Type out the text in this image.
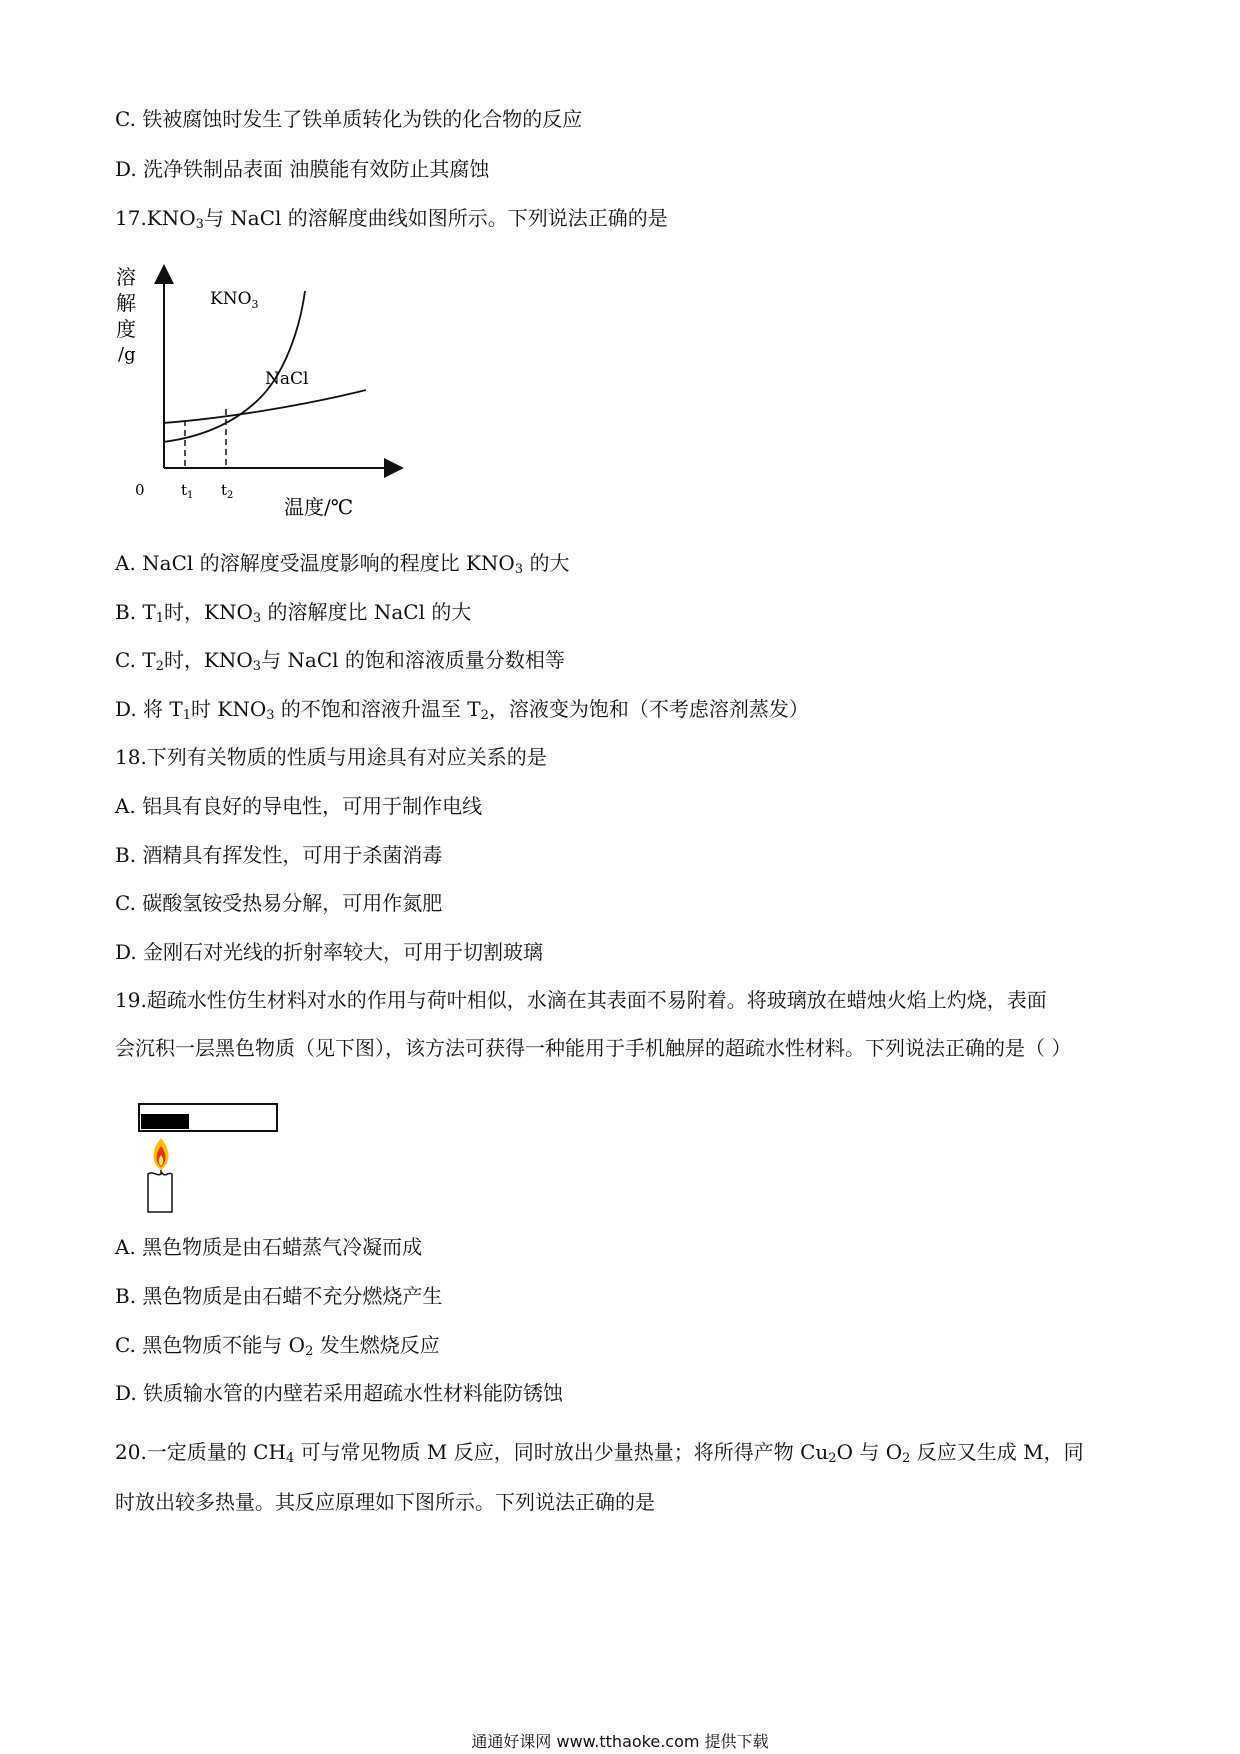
C. 铁被腐蚀时发生了铁单质转化为铁的化合物的反应
D. 洗净铁制品表面 油膜能有效防止其腐蚀
$17.KNO_3$与 NaCl 的溶解度曲线如图所示。下列说法正确的是
溶
解
度
/g
$KNO_3$
NaCl
0 $t_1$ $t_2$	温度/℃
A. NaCl 的溶解度受温度影响的程度比 $KNO_3$ 的大
B. $T_1$时，$KNO_3$ 的溶解度比 NaCl 的大
C. $T_2$时，$KNO_3$与 NaCl 的饱和溶液质量分数相等
D. 将 $T_1$时 $KNO_3$ 的不饱和溶液升温至 $T_2$，溶液变为饱和（不考虑溶剂蒸发）
18.下列有关物质的性质与用途具有对应关系的是
A. 铝具有良好的导电性，可用于制作电线
B. 酒精具有挥发性，可用于杀菌消毒
C. 碳酸氢铵受热易分解，可用作氮肥
D. 金刚石对光线的折射率较大，可用于切割玻璃
19.超疏水性仿生材料对水的作用与荷叶相似，水滴在其表面不易附着。将玻璃放在蜡烛火焰上灼烧，表面
会沉积一层黑色物质（见下图），该方法可获得一种能用于手机触屏的超疏水性材料。下列说法正确的是（ ）
A. 黑色物质是由石蜡蒸气冷凝而成
B. 黑色物质是由石蜡不充分燃烧产生
C. 黑色物质不能与 $O_2$ 发生燃烧反应
D. 铁质输水管的内壁若采用超疏水性材料能防锈蚀
20.一定质量的 $CH_4$ 可与常见物质 M 反应，同时放出少量热量；将所得产物 $Cu_2O$ 与 $O_2$ 反应又生成 M，同
时放出较多热量。其反应原理如下图所示。下列说法正确的是
通通好课网 www.tthaoke.com 提供下载
